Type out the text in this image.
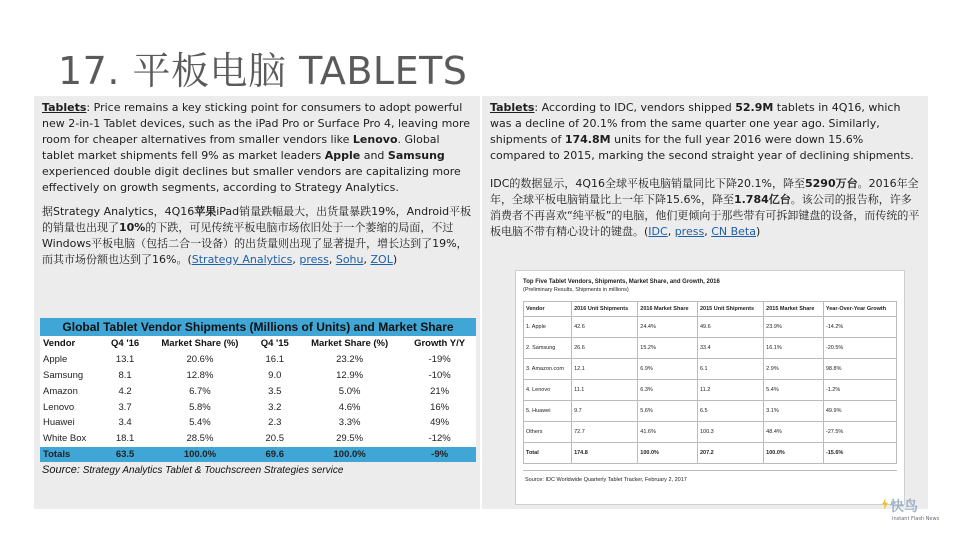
17. 平板电脑 TABLETS
Tablets: Price remains a key sticking point for consumers to adopt powerful new 2-in-1 Tablet devices, such as the iPad Pro or Surface Pro 4, leaving more room for cheaper alternatives from smaller vendors like Lenovo. Global tablet market shipments fell 9% as market leaders Apple and Samsung experienced double digit declines but smaller vendors are capitalizing more effectively on growth segments, according to Strategy Analytics.
据Strategy Analytics，4Q16苹果iPad销量跌幅最大，出货量暴跌19%，Android平板的销量也出现了10%的下跌，可见传统平板电脑市场依旧处于一个萎缩的局面，不过Windows平板电脑（包括二合一设备）的出货量则出现了显著提升，增长达到了19%，而其市场份额也达到了16%。(Strategy Analytics, press, Sohu, ZOL)
Global Tablet Vendor Shipments (Millions of Units) and Market Share
Vendor	Q4 '16	Market Share (%)	Q4 '15	Market Share (%)	Growth Y/Y
Apple	13.1	20.6%	16.1	23.2%	-19%
Samsung	8.1	12.8%	9.0	12.9%	-10%
Amazon	4.2	6.7%	3.5	5.0%	21%
Lenovo	3.7	5.8%	3.2	4.6%	16%
Huawei	3.4	5.4%	2.3	3.3%	49%
White Box	18.1	28.5%	20.5	29.5%	-12%
Totals	63.5	100.0%	69.6	100.0%	-9%
Source: Strategy Analytics Tablet & Touchscreen Strategies service
Tablets: According to IDC, vendors shipped 52.9M tablets in 4Q16, which was a decline of 20.1% from the same quarter one year ago. Similarly, shipments of 174.8M units for the full year 2016 were down 15.6% compared to 2015, marking the second straight year of declining shipments.
IDC的数据显示，4Q16全球平板电脑销量同比下降20.1%，降至5290万台。2016年全年，全球平板电脑销量比上一年下降15.6%，降至1.784亿台。该公司的报告称，许多消费者不再喜欢“纯平板”的电脑，他们更倾向于那些带有可拆卸键盘的设备，而传统的平板电脑不带有精心设计的键盘。(IDC, press, CN Beta)
Top Five Tablet Vendors, Shipments, Market Share, and Growth, 2016
(Preliminary Results, Shipments in millions)
Vendor	2016 Unit Shipments	2016 Market Share	2015 Unit Shipments	2015 Market Share	Year-Over-Year Growth
1. Apple	42.6	24.4%	49.6	23.9%	-14.2%
2. Samsung	26.6	15.2%	33.4	16.1%	-20.5%
3. Amazon.com	12.1	6.9%	6.1	2.9%	98.8%
4. Lenovo	11.1	6.3%	11.2	5.4%	-1.2%
5. Huawei	9.7	5.6%	6.5	3.1%	49.9%
Others	72.7	41.6%	100.3	48.4%	-27.5%
Total	174.8	100.0%	207.2	100.0%	-15.6%
Source: IDC Worldwide Quarterly Tablet Tracker, February 2, 2017
快鸟
Instant Flash News
